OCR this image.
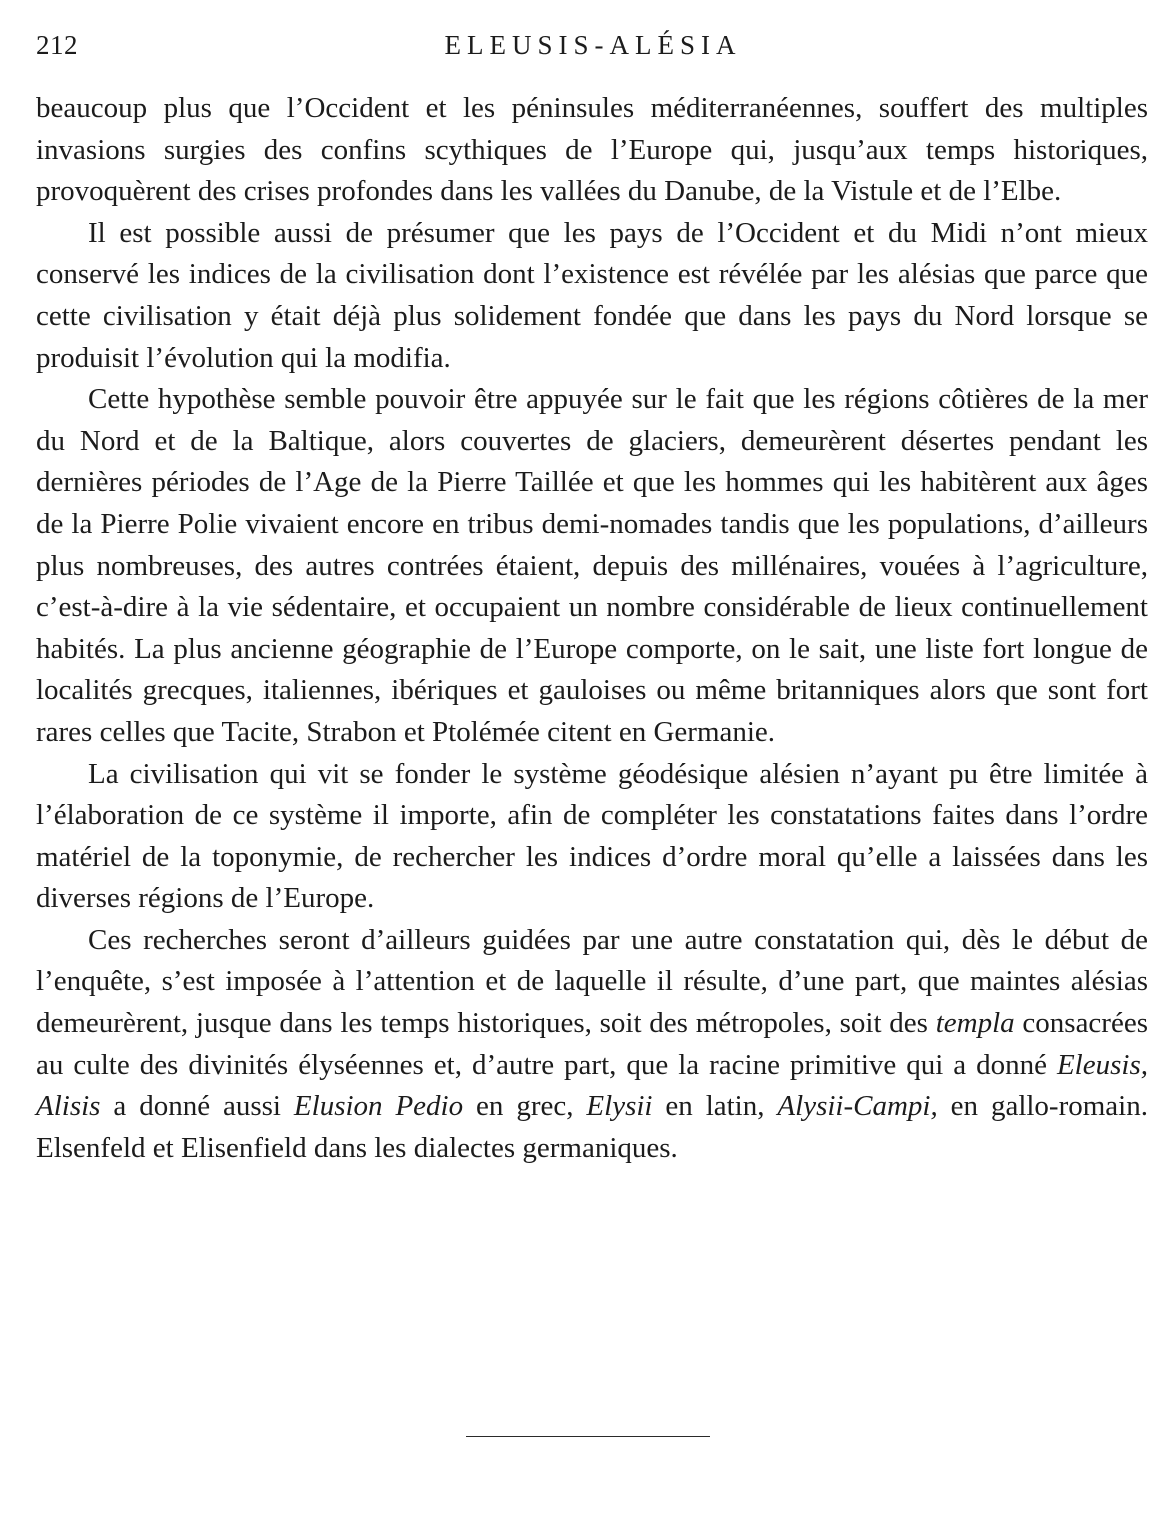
212	ELEUSIS-ALÉSIA

beaucoup plus que l’Occident et les péninsules méditerranéennes, souffert des multiples invasions surgies des confins scythiques de l’Europe qui, jusqu’aux temps historiques, provoquèrent des crises profondes dans les vallées du Danube, de la Vistule et de l’Elbe.

Il est possible aussi de présumer que les pays de l’Occident et du Midi n’ont mieux conservé les indices de la civilisation dont l’existence est révélée par les alésias que parce que cette civilisation y était déjà plus solidement fondée que dans les pays du Nord lorsque se produisit l’évolution qui la modifia.

Cette hypothèse semble pouvoir être appuyée sur le fait que les régions côtières de la mer du Nord et de la Baltique, alors couvertes de glaciers, demeurèrent désertes pendant les dernières périodes de l’Age de la Pierre Taillée et que les hommes qui les habitèrent aux âges de la Pierre Polie vivaient encore en tribus demi-nomades tandis que les populations, d’ailleurs plus nombreuses, des autres contrées étaient, depuis des millénaires, vouées à l’agriculture, c’est-à-dire à la vie sédentaire, et occupaient un nombre considérable de lieux continuellement habités. La plus ancienne géographie de l’Europe comporte, on le sait, une liste fort longue de localités grecques, italiennes, ibériques et gauloises ou même britanniques alors que sont fort rares celles que Tacite, Strabon et Ptolémée citent en Germanie.

La civilisation qui vit se fonder le système géodésique alésien n’ayant pu être limitée à l’élaboration de ce système il importe, afin de compléter les constatations faites dans l’ordre matériel de la toponymie, de rechercher les indices d’ordre moral qu’elle a laissées dans les diverses régions de l’Europe.

Ces recherches seront d’ailleurs guidées par une autre constatation qui, dès le début de l’enquête, s’est imposée à l’attention et de laquelle il résulte, d’une part, que maintes alésias demeurèrent, jusque dans les temps historiques, soit des métropoles, soit des templa consacrées au culte des divinités élyséennes et, d’autre part, que la racine primitive qui a donné Eleusis, Alisis a donné aussi Elusion Pedio en grec, Elysii en latin, Alysii-Campi, en gallo-romain. Elsenfeld et Elisenfield dans les dialectes germaniques.
